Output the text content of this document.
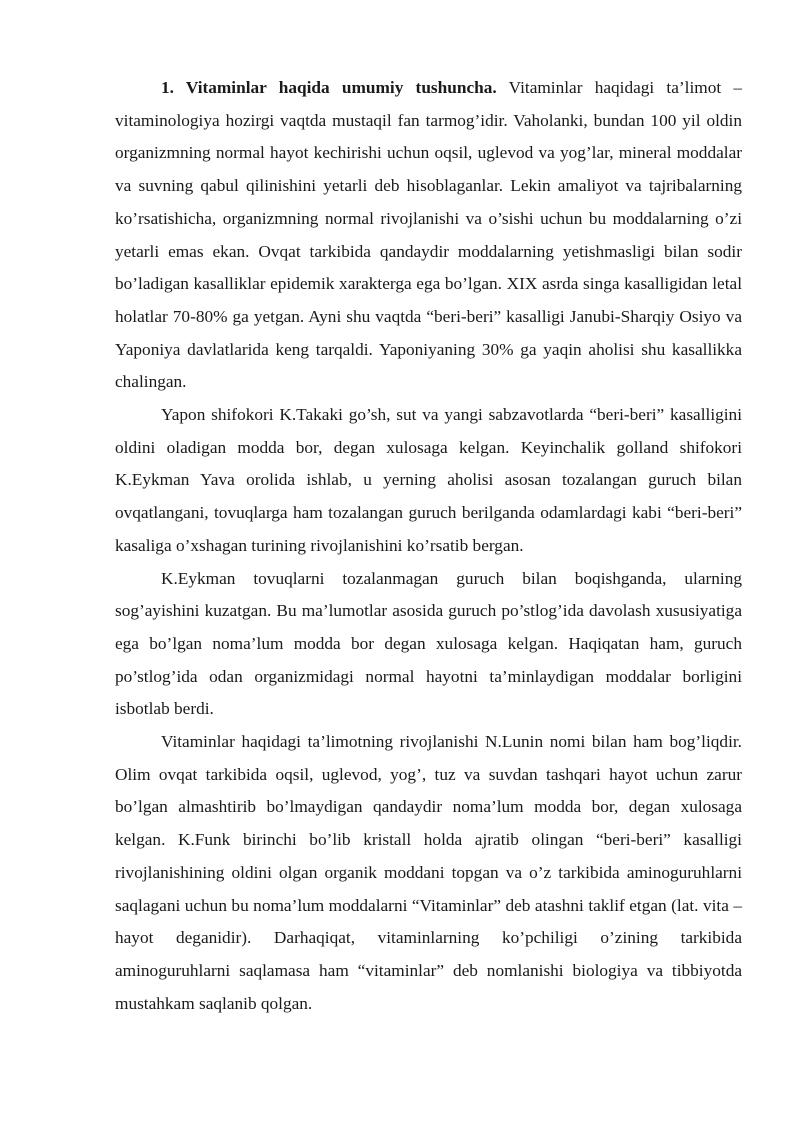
1. Vitaminlar haqida umumiy tushuncha. Vitaminlar haqidagi ta’limot – vitaminologiya hozirgi vaqtda mustaqil fan tarmog’idir. Vaholanki, bundan 100 yil oldin organizmning normal hayot kechirishi uchun oqsil, uglevod va yog’lar, mineral moddalar va suvning qabul qilinishini yetarli deb hisoblaganlar. Lekin amaliyot va tajribalarning ko’rsatishicha, organizmning normal rivojlanishi va o’sishi uchun bu moddalarning o’zi yetarli emas ekan. Ovqat tarkibida qandaydir moddalarning yetishmasligi bilan sodir bo’ladigan kasalliklar epidemik xarakterga ega bo’lgan. XIX asrda singa kasalligidan letal holatlar 70-80% ga yetgan. Ayni shu vaqtda “beri-beri” kasalligi Janubi-Sharqiy Osiyo va Yaponiya davlatlarida keng tarqaldi. Yaponiyaning 30% ga yaqin aholisi shu kasallikka chalingan.

Yapon shifokori K.Takaki go’sh, sut va yangi sabzavotlarda “beri-beri” kasalligini oldini oladigan modda bor, degan xulosaga kelgan. Keyinchalik golland shifokori K.Eykman Yava orolida ishlab, u yerning aholisi asosan tozalangan guruch bilan ovqatlangani, tovuqlarga ham tozalangan guruch berilganda odamlardagi kabi “beri-beri” kasaliga o’xshagan turining rivojlanishini ko’rsatib bergan.

K.Eykman tovuqlarni tozalanmagan guruch bilan boqishganda, ularning sog’ayishini kuzatgan. Bu ma’lumotlar asosida guruch po’stlog’ida davolash xususiyatiga ega bo’lgan noma’lum modda bor degan xulosaga kelgan. Haqiqatan ham, guruch po’stlog’ida odan organizmidagi normal hayotni ta’minlaydigan moddalar borligini isbotlab berdi.

Vitaminlar haqidagi ta’limotning rivojlanishi N.Lunin nomi bilan ham bog’liqdir. Olim ovqat tarkibida oqsil, uglevod, yog’, tuz va suvdan tashqari hayot uchun zarur bo’lgan almashtirib bo’lmaydigan qandaydir noma’lum modda bor, degan xulosaga kelgan. K.Funk birinchi bo’lib kristall holda ajratib olingan “beri-beri” kasalligi rivojlanishining oldini olgan organik moddani topgan va o’z tarkibida aminoguruhlarni saqlagani uchun bu noma’lum moddalarni “Vitaminlar” deb atashni taklif etgan (lat. vita – hayot deganidir). Darhaqiqat, vitaminlarning ko’pchiligi o’zining tarkibida aminoguruhlarni saqlamasa ham “vitaminlar” deb nomlanishi biologiya va tibbiyotda mustahkam saqlanib qolgan.
